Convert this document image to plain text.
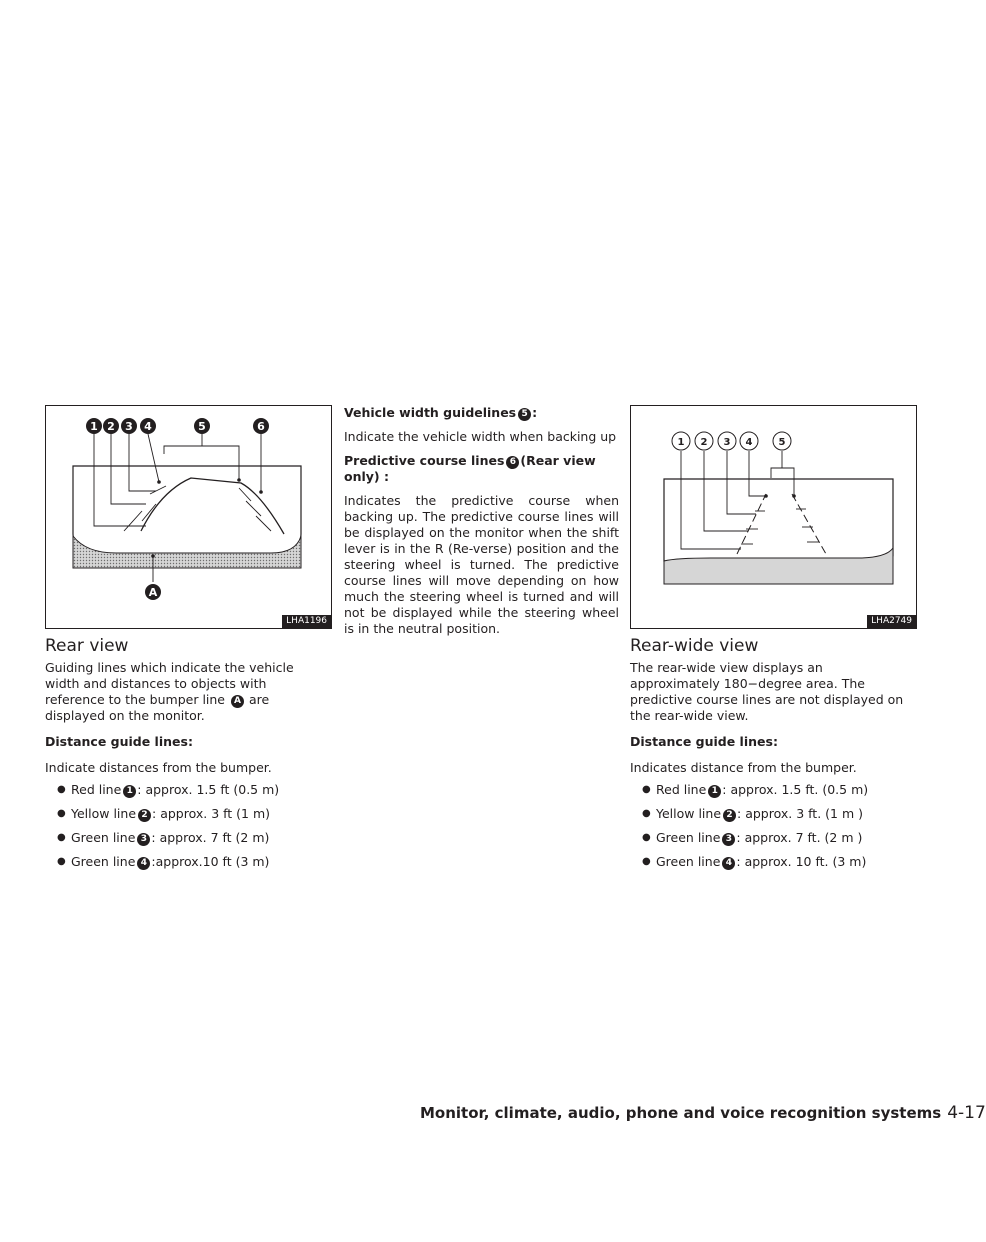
1 2 3 4	5	6
A
LHA1196
1 2 3 4	5
LHA2749
Rear view

Guiding lines which indicate the vehicle width and distances to objects with reference to the bumper line A are displayed on the monitor.

Distance guide lines:

Indicate distances from the bumper.

● Red line 1 : approx. 1.5 ft (0.5 m)
● Yellow line 2 : approx. 3 ft (1 m)
● Green line 3 : approx. 7 ft (2 m)
● Green line 4 :approx.10 ft (3 m)

Vehicle width guidelines 5 :

Indicate the vehicle width when backing up

Predictive course lines 6 (Rear view only) :

Indicates the predictive course when backing up. The predictive course lines will be displayed on the monitor when the shift lever is in the R (Re-verse) position and the steering wheel is turned. The predictive course lines will move depending on how much the steering wheel is turned and will not be displayed while the steering wheel is in the neutral position.

Rear-wide view

The rear-wide view displays an approximately 180−degree area. The predictive course lines are not displayed on the rear-wide view.

Distance guide lines:

Indicates distance from the bumper.

● Red line 1 : approx. 1.5 ft. (0.5 m)
● Yellow line 2 : approx. 3 ft. (1 m )
● Green line 3 : approx. 7 ft. (2 m )
● Green line 4 : approx. 10 ft. (3 m)
Monitor, climate, audio, phone and voice recognition systems 4-17
